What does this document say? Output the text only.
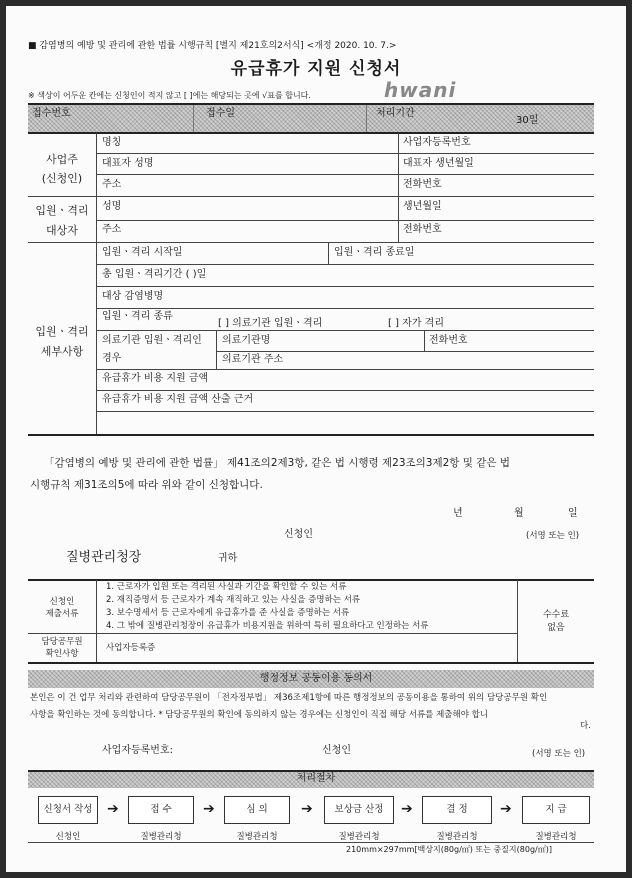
■ 감염병의 예방 및 관리에 관한 법률 시행규칙 [별지 제21호의2서식] <개정 2020. 10. 7.>
유급휴가 지원 신청서
hwani
※ 색상이 어두운 칸에는 신청인이 적지 않고 [ ]에는 해당되는 곳에 √표를 합니다.
접수번호	접수일	처리기간
30일
사업주
(신청인)
명칭	사업자등록번호
대표자 성명	대표자 생년월일
주소	전화번호
입원ㆍ격리
대상자
성명	생년월일
주소	전화번호
입원ㆍ격리
세부사항
입원ㆍ격리 시작일	입원ㆍ격리 종료일
총 입원ㆍ격리기간 ( )일
대상 감염병명
입원ㆍ격리 종류
[ ] 의료기관 입원ㆍ격리	[ ] 자가 격리
의료기관 입원ㆍ격리인
경우
의료기관명	전화번호
의료기관 주소
유급휴가 비용 지원 금액
유급휴가 비용 지원 금액 산출 근거
「감염병의 예방 및 관리에 관한 법률」 제41조의2제3항, 같은 법 시행령 제23조의3제2항 및 같은 법
시행규칙 제31조의5에 따라 위와 같이 신청합니다.
년	월	일
신청인	(서명 또는 인)
질병관리청장	귀하
신청인
제출서류
1. 근로자가 입원 또는 격리된 사실과 기간을 확인할 수 있는 서류
2. 재직증명서 등 근로자가 계속 재직하고 있는 사실을 증명하는 서류
3. 보수명세서 등 근로자에게 유급휴가를 준 사실을 증명하는 서류
4. 그 밖에 질병관리청장이 유급휴가 비용지원을 위하여 특히 필요하다고 인정하는 서류
수수료
없음
담당공무원
확인사항
사업자등록증
행정정보 공동이용 동의서
본인은 이 건 업무 처리와 관련하여 담당공무원이 「전자정부법」 제36조제1항에 따른 행정정보의 공동이용을 통하여 위의 담당공무원 확인
사항을 확인하는 것에 동의합니다. * 담당공무원의 확인에 동의하지 않는 경우에는 신청인이 직접 해당 서류를 제출해야 합니
다.
사업자등록번호:	신청인	(서명 또는 인)
처리절차
신청서 작성	접 수	심 의	보상금 산정	결 정	지 급
➔	➔	➔	➔	➔
신청인	질병관리청	질병관리청	질병관리청	질병관리청	질병관리청
210mm×297mm[백상지(80g/㎡) 또는 중질지(80g/㎡)]
